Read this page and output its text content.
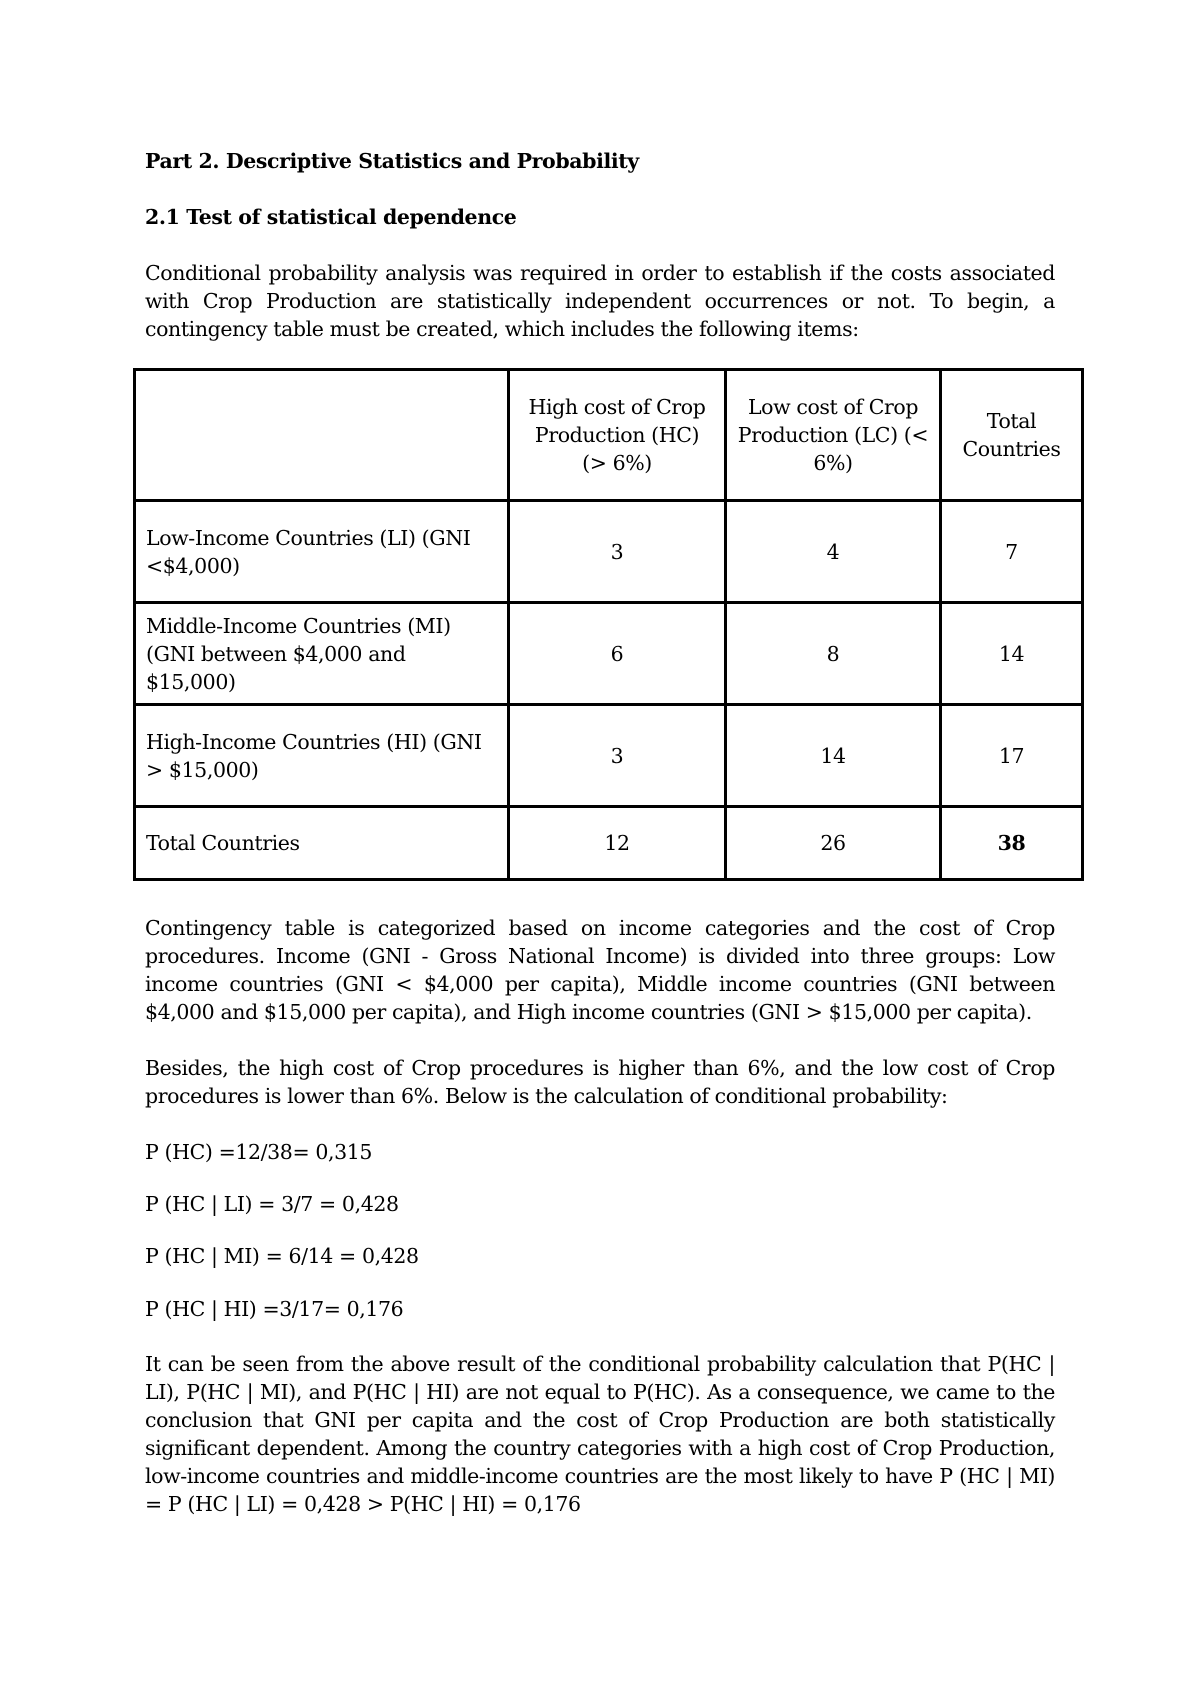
Part 2. Descriptive Statistics and Probability
2.1 Test of statistical dependence
Conditional probability analysis was required in order to establish if the costs associated with Crop Production are statistically independent occurrences or not. To begin, a contingency table must be created, which includes the following items:
	High cost of Crop Production (HC) (> 6%)	Low cost of Crop Production (LC) (< 6%)	Total Countries
Low-Income Countries (LI) (GNI <$4,000)	3	4	7
Middle-Income Countries (MI) (GNI between $4,000 and $15,000)	6	8	14
High-Income Countries (HI) (GNI > $15,000)	3	14	17
Total Countries	12	26	38
Contingency table is categorized based on income categories and the cost of Crop procedures. Income (GNI - Gross National Income) is divided into three groups: Low income countries (GNI < $4,000 per capita), Middle income countries (GNI between $4,000 and $15,000 per capita), and High income countries (GNI > $15,000 per capita).
Besides, the high cost of Crop procedures is higher than 6%, and the low cost of Crop procedures is lower than 6%. Below is the calculation of conditional probability:
P (HC) =12/38= 0,315
P (HC | LI) = 3/7 = 0,428
P (HC | MI) = 6/14 = 0,428
P (HC | HI) =3/17= 0,176
It can be seen from the above result of the conditional probability calculation that P(HC | LI), P(HC | MI), and P(HC | HI) are not equal to P(HC). As a consequence, we came to the conclusion that GNI per capita and the cost of Crop Production are both statistically significant dependent. Among the country categories with a high cost of Crop Production, low-income countries and middle-income countries are the most likely to have P (HC | MI) = P (HC | LI) = 0,428 > P(HC | HI) = 0,176
